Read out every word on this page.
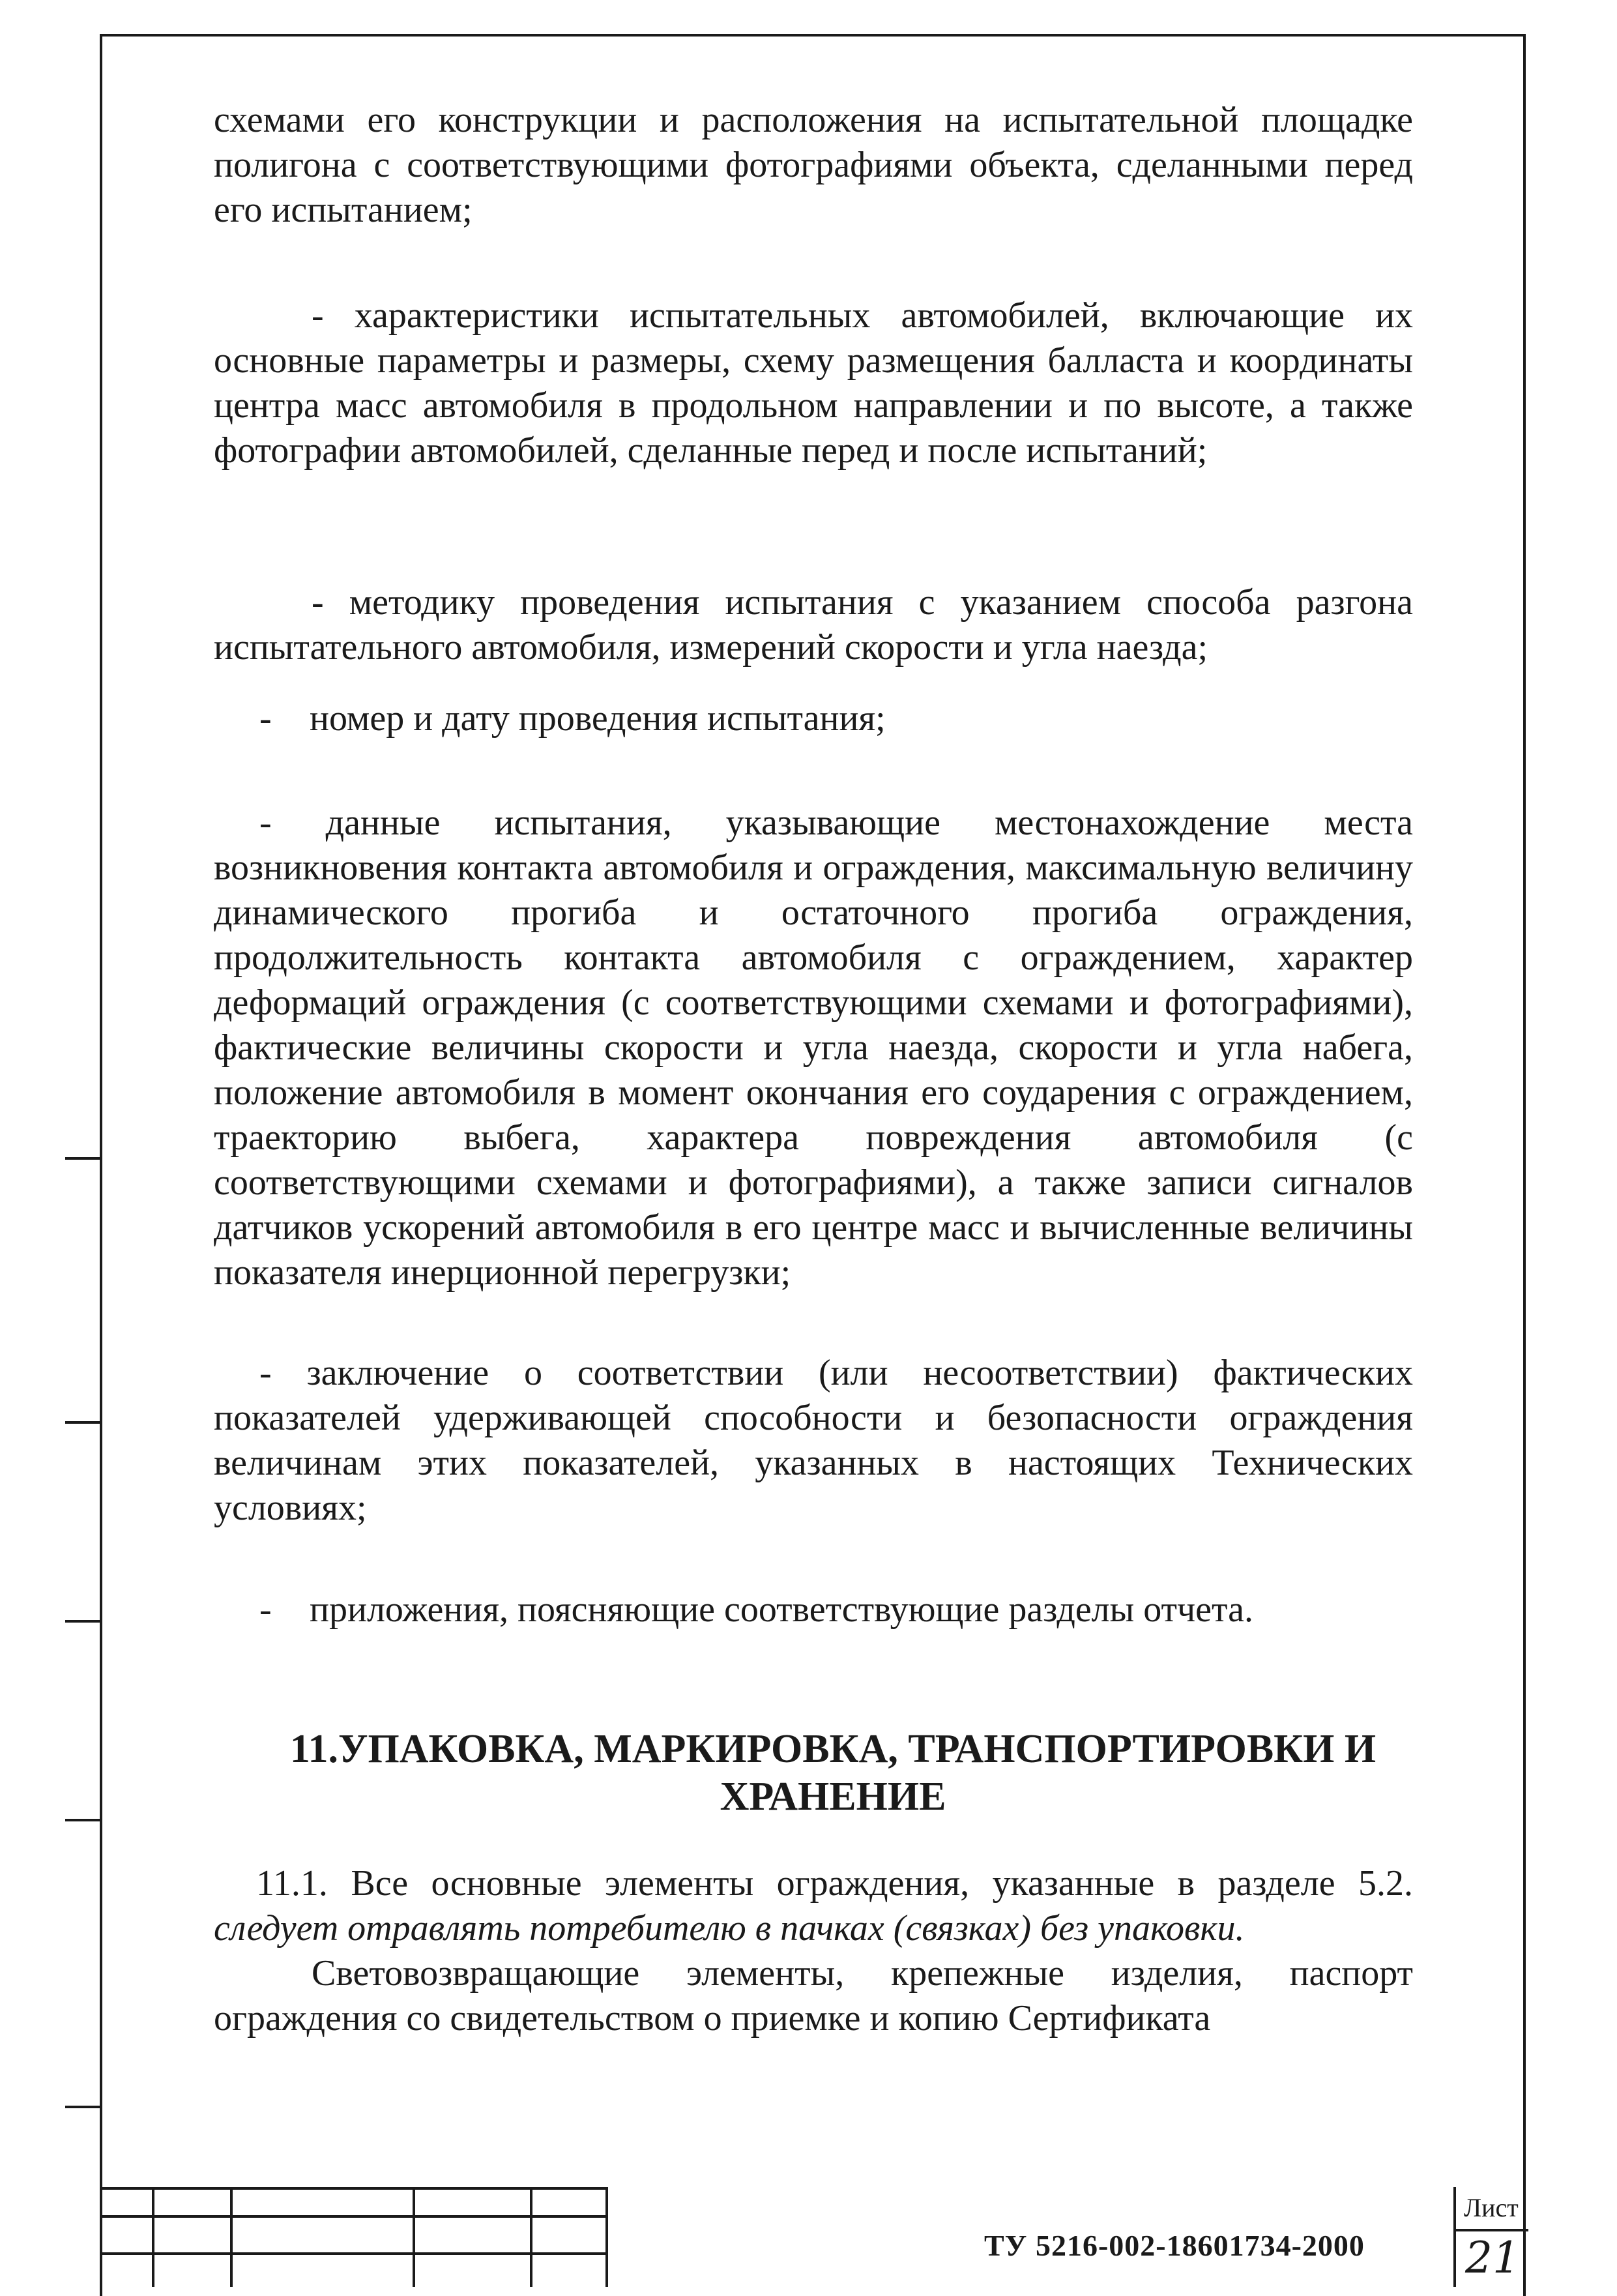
схемами его конструкции и расположения на испытательной площадке полигона с соответствующими фотографиями объекта, сделанными перед его испытанием;

- характеристики испытательных автомобилей, включающие их основные параметры и размеры, схему размещения балласта и координаты центра масс автомобиля в продольном направлении и по высоте, а также фотографии автомобилей, сделанные перед и после испытаний;

- методику проведения испытания с указанием способа разгона испытательного автомобиля, измерений скорости и угла наезда;

- номер и дату проведения испытания;

- данные испытания, указывающие местонахождение места возникновения контакта автомобиля и ограждения, максимальную величину динамического прогиба и остаточного прогиба ограждения, продолжительность контакта автомобиля с ограждением, характер деформаций ограждения (с соответствующими схемами и фотографиями), фактические величины скорости и угла наезда, скорости и угла набега, положение автомобиля в момент окончания его соударения с ограждением, траекторию выбега, характера повреждения автомобиля (с соответствующими схемами и фотографиями), а также записи сигналов датчиков ускорений автомобиля в его центре масс и вычисленные величины показателя инерционной перегрузки;

- заключение о соответствии (или несоответствии) фактических показателей удерживающей способности и безопасности ограждения величинам этих показателей, указанных в настоящих Технических условиях;

- приложения, поясняющие соответствующие разделы отчета.

11.УПАКОВКА, МАРКИРОВКА, ТРАНСПОРТИРОВКИ И

ХРАНЕНИЕ

11.1. Все основные элементы ограждения, указанные в разделе 5.2. следует отравлять потребителю в пачках (связках) без упаковки.

Световозвращающие элементы, крепежные изделия, паспорт ограждения со свидетельством о приемке и копию Сертификата

ТУ 5216-002-18601734-2000
Лист
21
